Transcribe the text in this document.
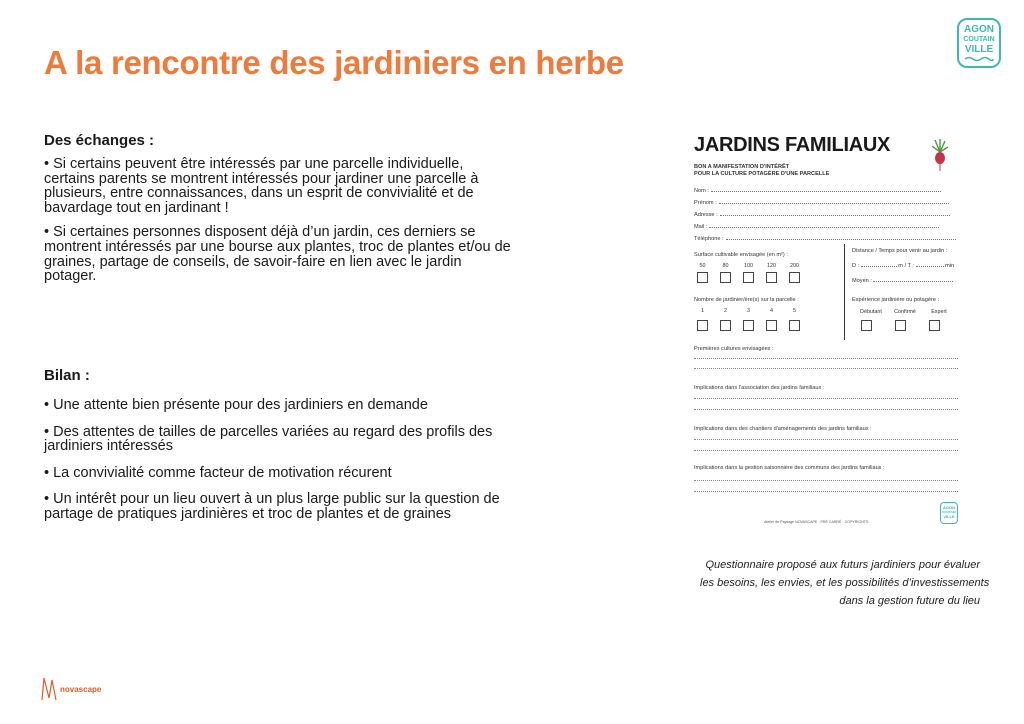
A la rencontre des jardiniers en herbe
AGON
COUTAIN
VILLE

Des échanges :

• Si certains peuvent être intéressés par une parcelle individuelle, certains parents se montrent intéressés pour jardiner une parcelle à plusieurs, entre connaissances, dans un esprit de convivialité et de bavardage tout en jardinant !

• Si certaines personnes disposent déjà d’un jardin, ces derniers se montrent intéressés par une bourse aux plantes, troc de plantes et/ou de graines, partage de conseils, de savoir-faire en lien avec le jardin potager.

Bilan :

• Une attente bien présente pour des jardiniers en demande

• Des attentes de tailles de parcelles variées au regard des profils des jardiniers intéressés

• La convivialité comme facteur de motivation récurent

• Un intérêt pour un lieu ouvert à un plus large public sur la question de partage de pratiques jardinières et troc de plantes et de graines

JARDINS FAMILIAUX

BON A MANIFESTATION D'INTÉRÊT
POUR LA CULTURE POTAGÈRE D'UNE PARCELLE
Nom :
Prénom :
Adresse :
Mail :
Téléphone :
Surface cultivable envisagée (en m²) :
50	80	100	120	200
Distance / Temps pour venir au jardin :
D :	m / T :	min
Moyen :
Nombre de jardinier/ère(s) sur la parcelle :
1	2	3	4	5
Expérience jardinière ou potagère :
Débutant	Confirmé	Expert
Premières cultures envisagées :
Implications dans l'association des jardins familiaux :
Implications dans des chantiers d'aménagements des jardins familiaux :
Implications dans la gestion saisonnière des communs des jardins familiaux :
Atelier de Paysage NOVASCAPE · PRÉ CARRÉ · COPYRIGHTS
AGON
COUTAIN
VILLE
Questionnaire proposé aux futurs jardiniers pour évaluer
les besoins, les envies, et les possibilités d’investissements
dans la gestion future du lieu
novascape
